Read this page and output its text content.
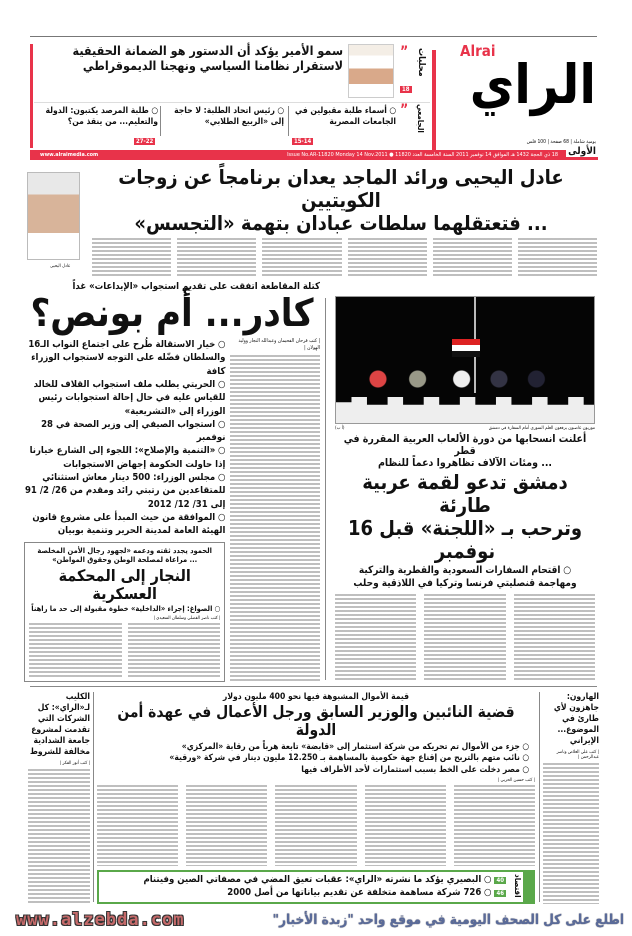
Alrai
الراي
يومية شاملة | 68 صفحة | 100 فلس
محليات
”
18
سمو الأمير يؤكد أن الدستور هو الضمانة الحقيقية
لاستقرار نظامنا السياسي ونهجنا الديموقراطي
الجامعي
”
○ أسماء طلبة مقبولين في الجامعات المصرية
15-14
○ رئيس اتحاد الطلبة: لا حاجة إلى «الربيع الطلابي»
○ طلبة المرصد يكتبون: الدولة والتعليم... من ينقذ من؟
27-22
www.alraimedia.com	18 ذي الحجة 1432 هـ الموافق 14 نوفمبر 2011 السنة الخامسة العدد 11820 ● Issue No.AR-11820 Monday 14 Nov.2011 الأولى
عادل اليحيى
عادل اليحيى ورائد الماجد يعدان برنامجاً عن زوجات الكويتيين
... فتعتقلهما سلطات عبادان بتهمة «التجسس»
كتلة المقاطعة اتفقت على تقديم استجواب «الإيداعات» غداً
كادر... أم بونص؟
○ خيار الاستقالة طُرح على اجتماع النواب الـ16 والسلطان فضّله على التوجه لاستجواب الوزراء كافة
○ الحريتي يطلب ملف استجواب القلاف للخالد للقياس عليه في حال إحالة استجوابات رئيس الوزراء إلى «التشريعية»
○ استجواب الصيفي إلى وزير الصحة في 28 نوفمبر
○ «التنمية والإصلاح»: اللجوء إلى الشارع خيارنا إذا حاولت الحكومة إجهاض الاستجوابات
○ مجلس الوزراء: 500 دينار معاش استثنائي للمتقاعدين من رتبتي رائد ومقدم من 26/ 2/ 91 إلى 31/ 12/ 2012
○ الموافقة من حيث المبدأ على مشروع قانون الهيئة العامة لمدينة الحرير وتنمية بوبيان
الحمود يجدد ثقته ودعمه «لجهود رجال الأمن المخلصة
... مراعاة لمصلحة الوطن وحقوق المواطن»
النجار إلى المحكمة العسكرية
○ الصواغ: إجراء «الداخلية» خطوة مقبولة إلى حد ما راهناً
| كتب ناصر الفضلي وسلطان السعيدي |
| كتب فرحان الفحيمان وعبدالله النجار ووليد الهولان |
(أ ب)	موريون غاضبون يرفعون العلم السوري أمام السفارة في دمشق
أعلنت انسحابها من دورة الألعاب العربية المقررة في قطر
... ومئات الآلاف تظاهروا دعماً للنظام
دمشق تدعو لقمة عربية طارئة
وترحب بـ «اللجنة» قبل 16 نوفمبر
○ اقتحام السفارات السعودية والقطرية والتركية
ومهاجمة قنصليتي فرنسا وتركيا في اللاذقية وحلب
الكليب لـ«الراي»: كل الشركات التي تقدمت لمشروع جامعة الشدادية مخالفة للشروط
| كتب أنور الفكر |
قيمة الأموال المشبوهة فيها نحو 400 مليون دولار
قضية النائبين والوزير السابق ورجل الأعمال في عهدة أمن الدولة
○ جزء من الأموال تم تحريكه من شركة استثمار إلى «قابضة» تابعة هرباً من رقابة «المركزي»
○ نائب متهم بالتربح من إقناع جهة حكومية بالمساهمة بـ 12.250 مليون دينار في شركة «ورقية»
○ مصر دخلت على الخط بسبب استثمارات لأحد الأطراف فيها
| كتب حسين الحربي |
40 ○ البصيري يؤكد ما نشرته «الراي»: عقبات تعيق المضي في مصفاتي الصين وفيتنام
46 ○ 726 شركة مساهمة متخلفة عن تقديم بياناتها من أصل 2000	اقتصاد
الهارون: جاهزون لأي طارئ في الموضوع... الإيراني
| كتب علي العلاص وناصر عبدالرحمن |
www.alzebda.com	اطلع على كل الصحف اليومية في موقع واحد "زبدة الأخبار"
